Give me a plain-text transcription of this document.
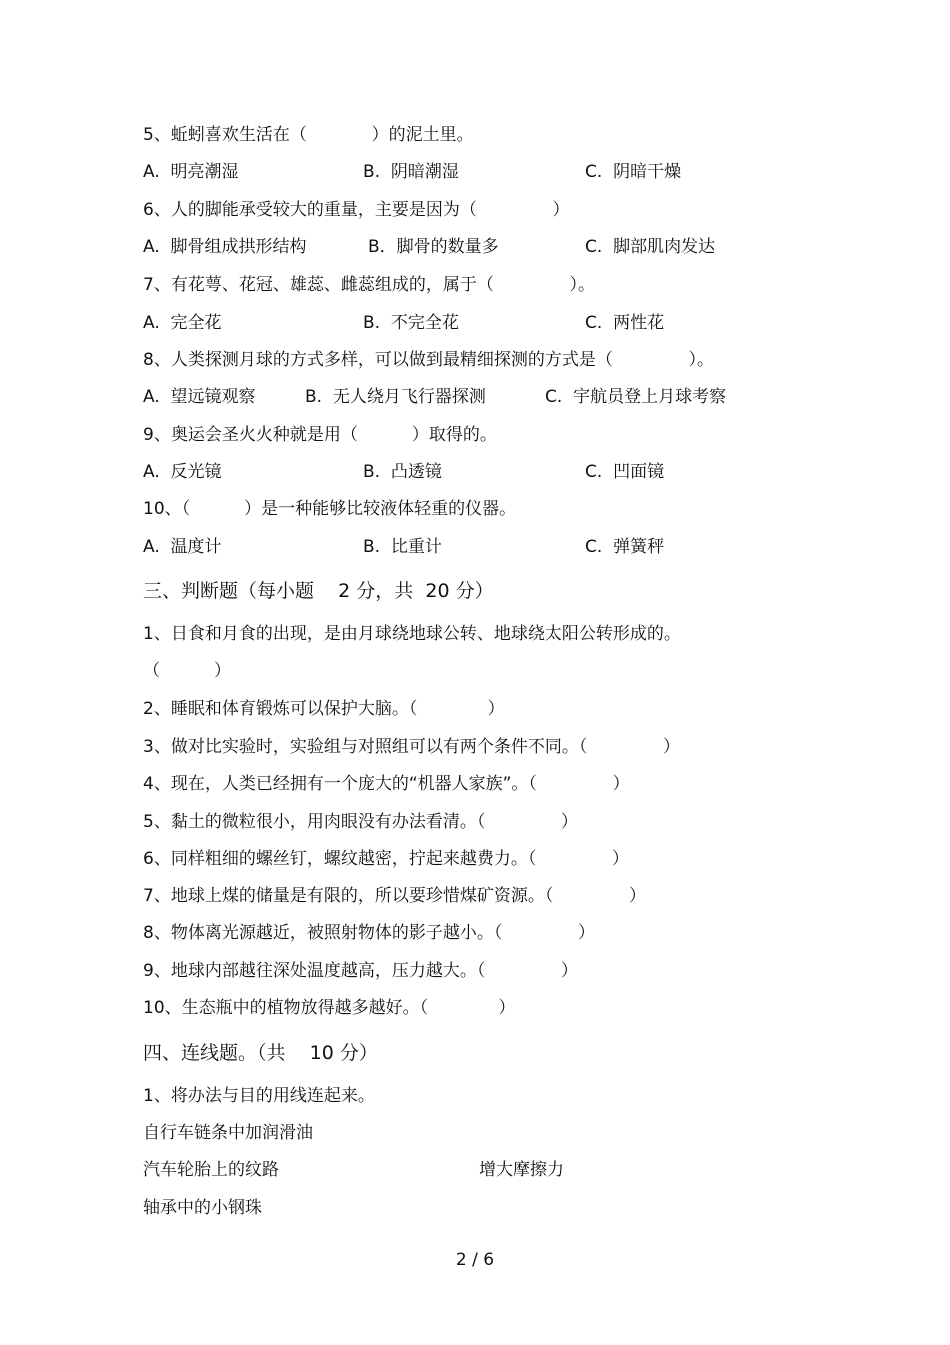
5、蚯蚓喜欢生活在（            ）的泥土里。
A.  明亮潮湿	B.  阴暗潮湿	C.  阴暗干燥
6、人的脚能承受较大的重量，主要是因为（              ）
A.  脚骨组成拱形结构	B．脚骨的数量多	C.  脚部肌肉发达
7、有花萼、花冠、雄蕊、雌蕊组成的，属于（              ）。
A.  完全花	B.  不完全花	C.  两性花
8、人类探测月球的方式多样，可以做到最精细探测的方式是（              ）。
A.  望远镜观察	B.  无人绕月飞行器探测	C.  宇航员登上月球考察
9、奥运会圣火火种就是用（          ）取得的。
A.  反光镜	B.  凸透镜	C.  凹面镜
10、（          ）是一种能够比较液体轻重的仪器。
A.  温度计	B.  比重计	C.  弹簧秤
三、判断题（每小题    2 分，共  20 分）
1、日食和月食的出现，是由月球绕地球公转、地球绕太阳公转形成的。
（          ）
2、睡眠和体育锻炼可以保护大脑。（             ）
3、做对比实验时，实验组与对照组可以有两个条件不同。（              ）
4、现在，人类已经拥有一个庞大的“机器人家族”。（              ）
5、黏土的微粒很小，用肉眼没有办法看清。（              ）
6、同样粗细的螺丝钉，螺纹越密，拧起来越费力。（              ）
7、地球上煤的储量是有限的，所以要珍惜煤矿资源。（              ）
8、物体离光源越近，被照射物体的影子越小。（              ）
9、地球内部越往深处温度越高，压力越大。（              ）
10、生态瓶中的植物放得越多越好。（             ）
四、连线题。（共    10 分）
1、将办法与目的用线连起来。
自行车链条中加润滑油
汽车轮胎上的纹路	增大摩擦力
轴承中的小钢珠
2 / 6
